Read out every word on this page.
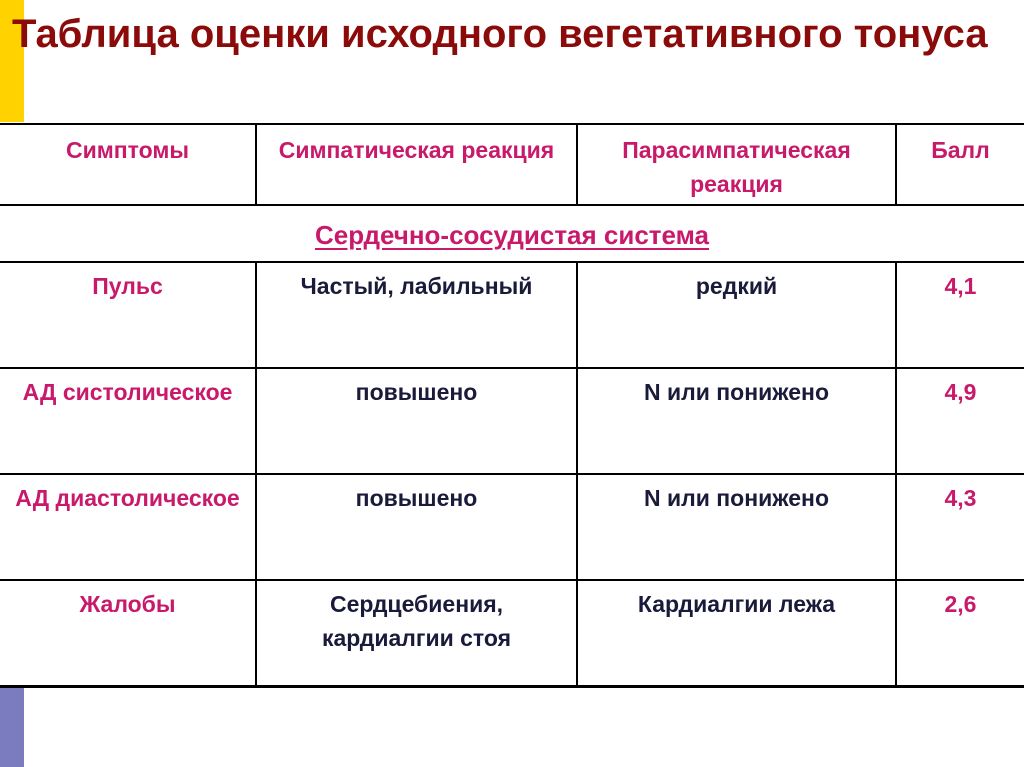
Таблица оценки исходного вегетативного тонуса
Симптомы	Симпатическая реакция	Парасимпатическая реакция	Балл
Сердечно-сосудистая система			
Пульс	Частый, лабильный	редкий	4,1
АД систолическое	повышено	N или понижено	4,9
АД диастолическое	повышено	N или понижено	4,3
Жалобы	Сердцебиения, кардиалгии стоя	Кардиалгии лежа	2,6
